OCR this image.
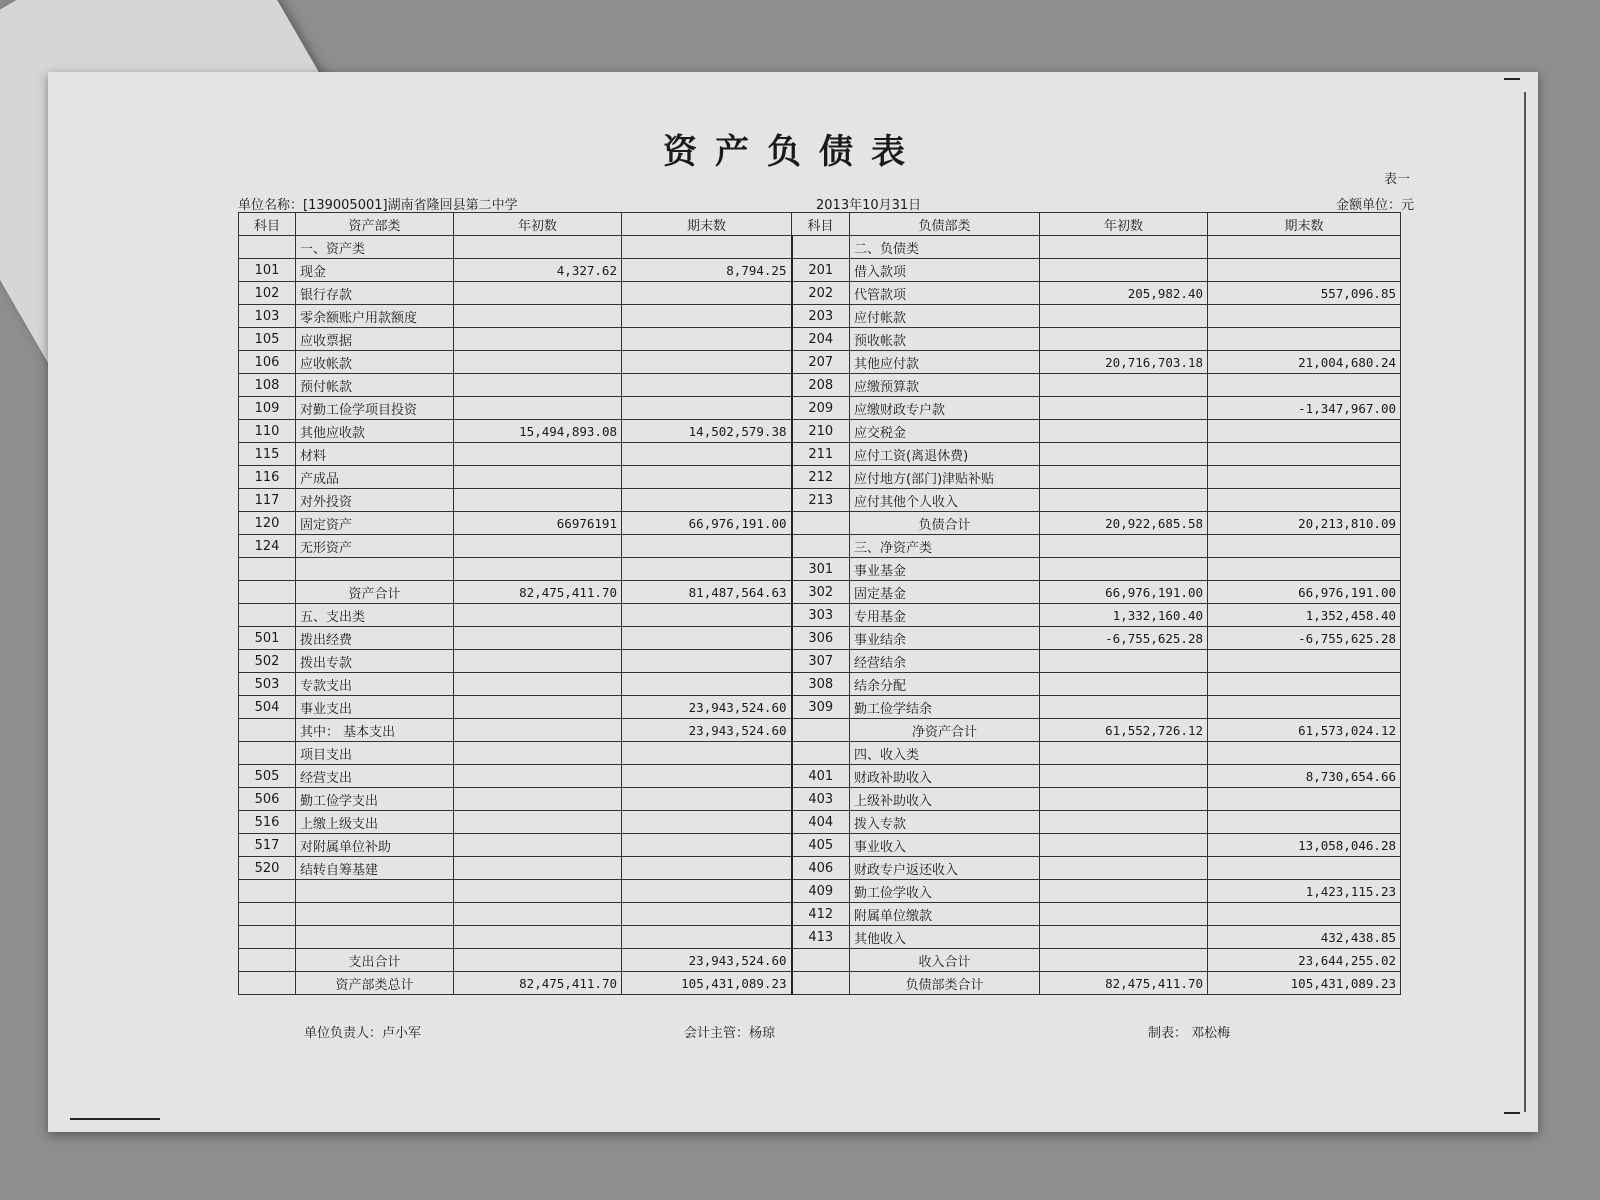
资产负债表
表一
单位名称：[139005001]湖南省隆回县第二中学	2013年10月31日	金额单位：元
科目	资产部类	年初数	期末数	科目	负债部类	年初数	期末数
	一、资产类				二、负债类		
101	现金	4,327.62	8,794.25	201	借入款项		
102	银行存款			202	代管款项	205,982.40	557,096.85
103	零余额账户用款额度			203	应付帐款		
105	应收票据			204	预收帐款		
106	应收帐款			207	其他应付款	20,716,703.18	21,004,680.24
108	预付帐款			208	应缴预算款		
109	对勤工俭学项目投资			209	应缴财政专户款		-1,347,967.00
110	其他应收款	15,494,893.08	14,502,579.38	210	应交税金		
115	材料			211	应付工资(离退休费)		
116	产成品			212	应付地方(部门)津贴补贴		
117	对外投资			213	应付其他个人收入		
120	固定资产	66976191	66,976,191.00		负债合计	20,922,685.58	20,213,810.09
124	无形资产				三、净资产类		
				301	事业基金		
	资产合计	82,475,411.70	81,487,564.63	302	固定基金	66,976,191.00	66,976,191.00
	五、支出类			303	专用基金	1,332,160.40	1,352,458.40
501	拨出经费			306	事业结余	-6,755,625.28	-6,755,625.28
502	拨出专款			307	经营结余		
503	专款支出			308	结余分配		
504	事业支出		23,943,524.60	309	勤工俭学结余		
	其中： 基本支出		23,943,524.60		净资产合计	61,552,726.12	61,573,024.12
	项目支出				四、收入类		
505	经营支出			401	财政补助收入		8,730,654.66
506	勤工俭学支出			403	上级补助收入		
516	上缴上级支出			404	拨入专款		
517	对附属单位补助			405	事业收入		13,058,046.28
520	结转自筹基建			406	财政专户返还收入		
				409	勤工俭学收入		1,423,115.23
				412	附属单位缴款		
				413	其他收入		432,438.85
	支出合计		23,943,524.60		收入合计		23,644,255.02
	资产部类总计	82,475,411.70	105,431,089.23		负债部类合计	82,475,411.70	105,431,089.23
单位负责人：卢小军	会计主管：杨琼	制表： 邓松梅
